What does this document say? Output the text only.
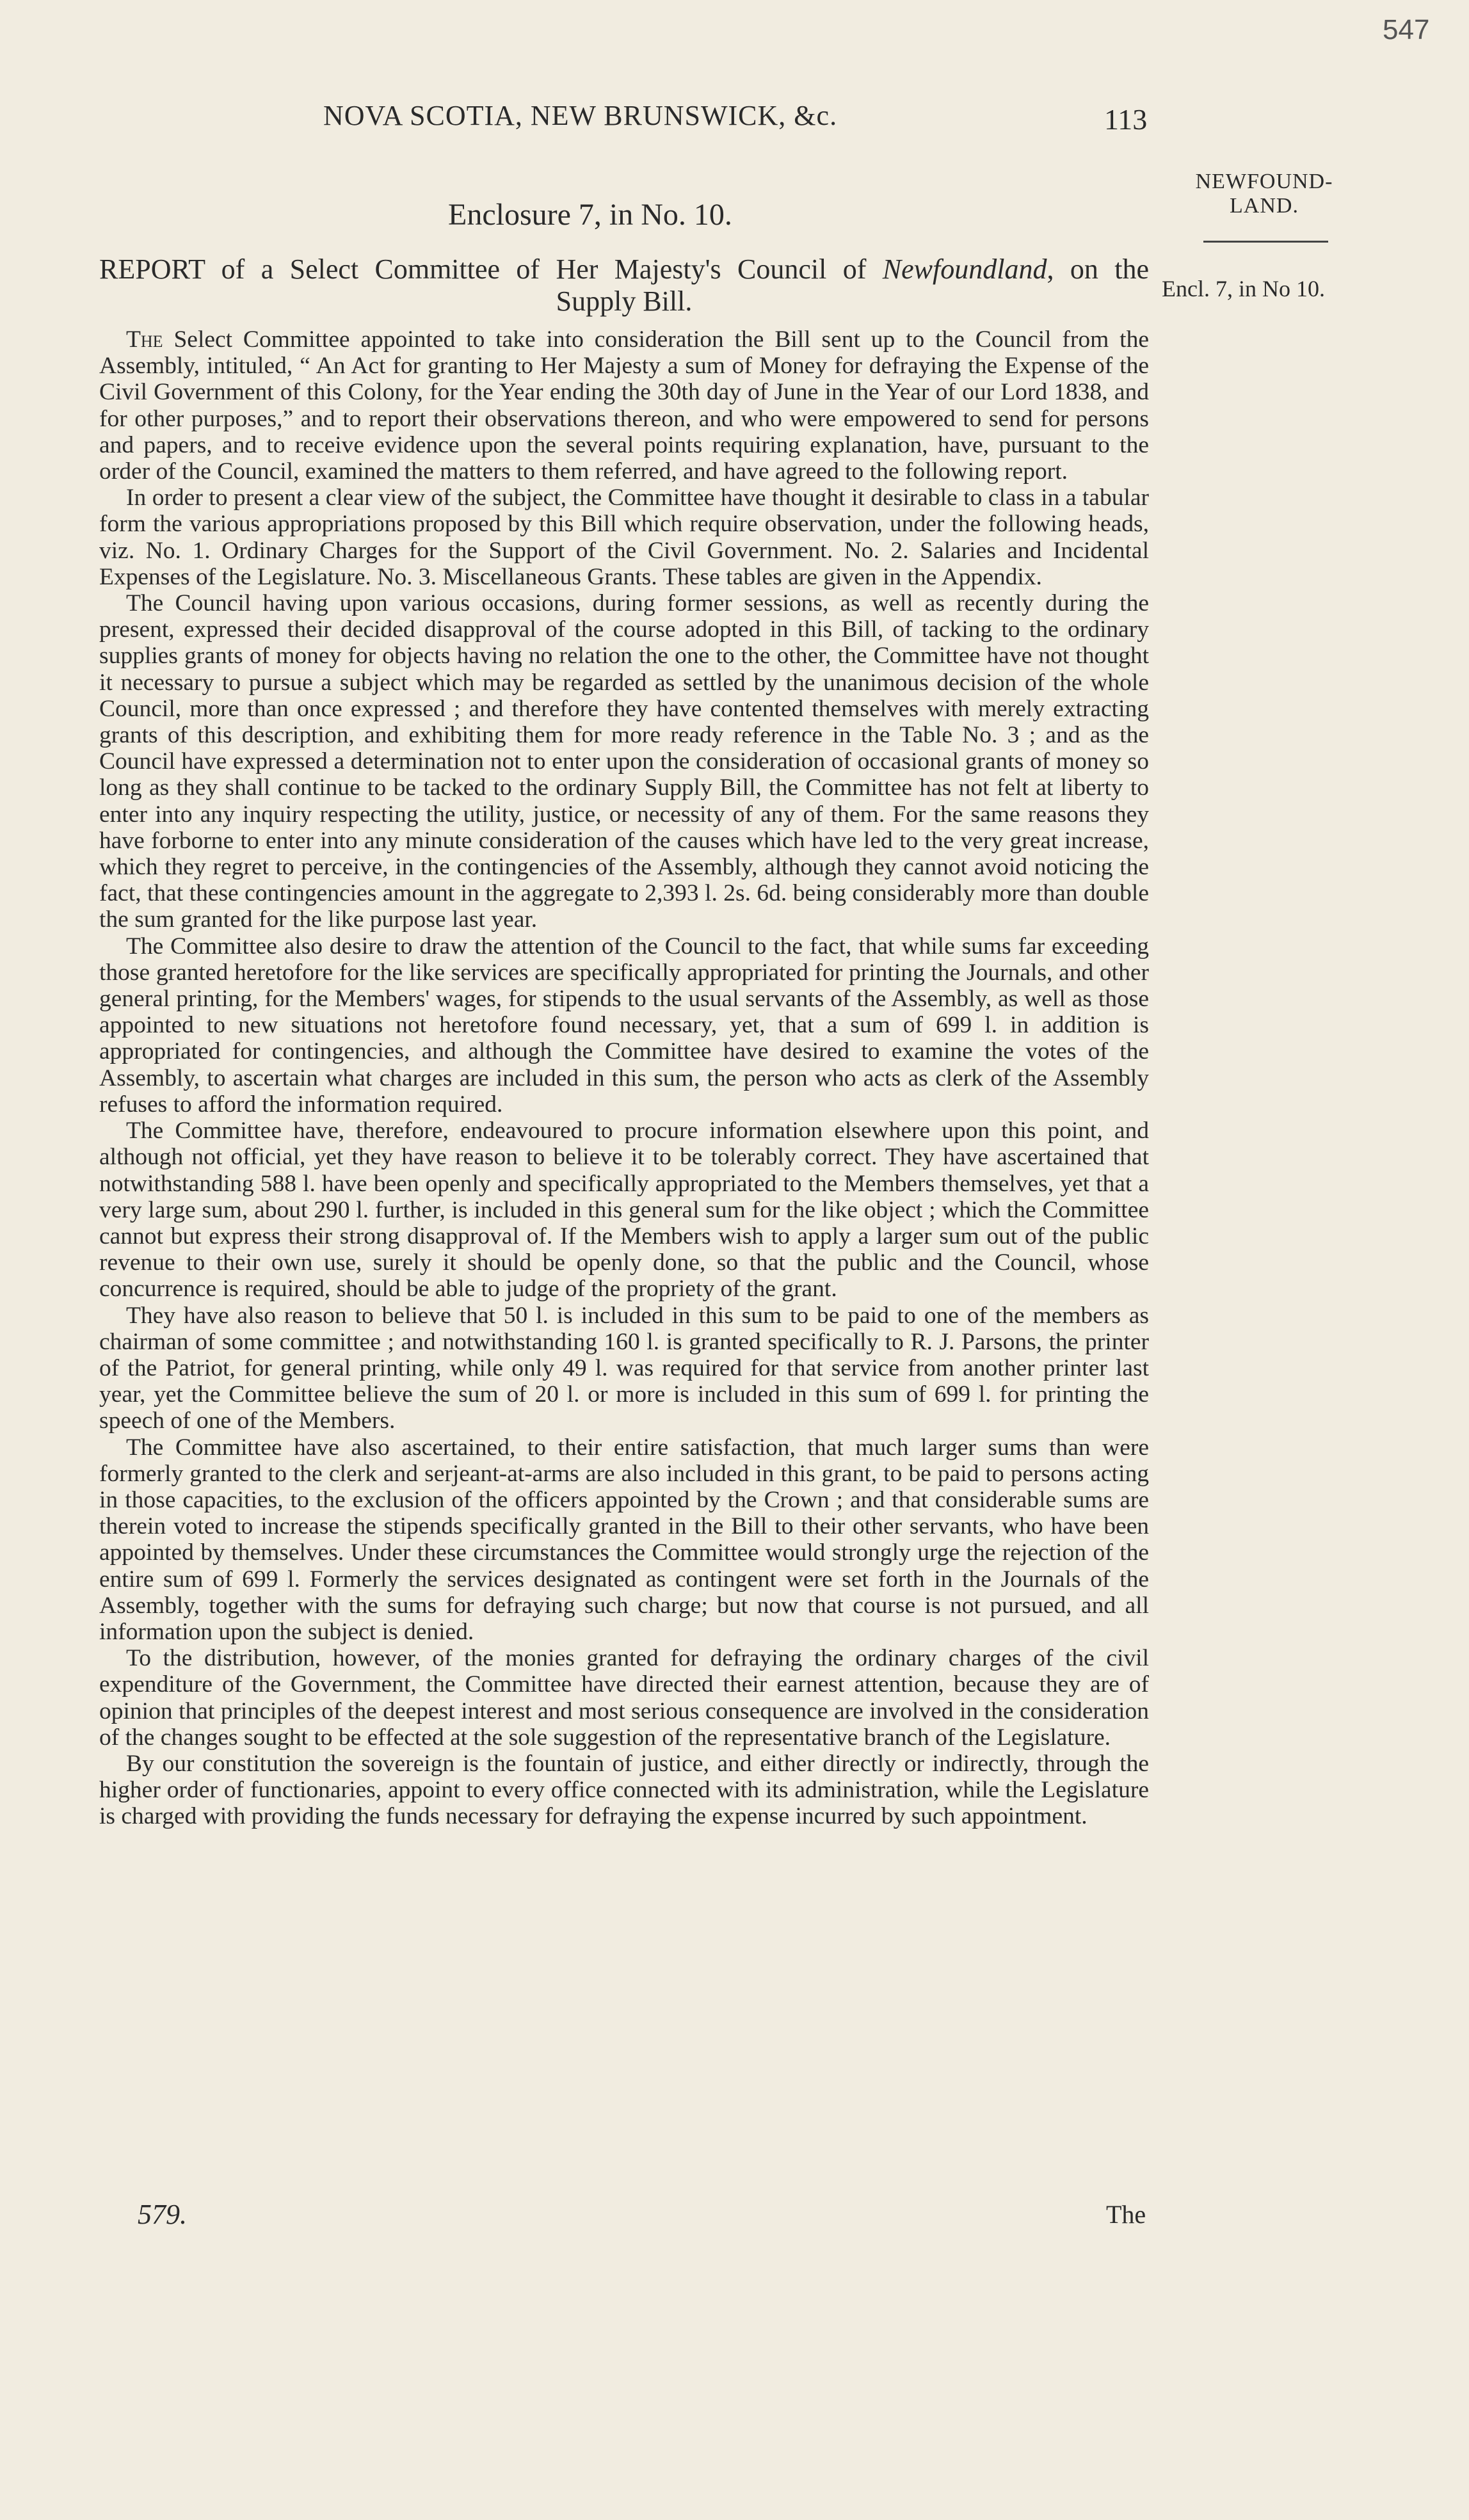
547
NOVA SCOTIA, NEW BRUNSWICK, &c.	113
NEWFOUND-
LAND.
Encl. 7, in No 10.
Enclosure 7, in No. 10.
REPORT of a Select Committee of Her Majesty's Council of Newfoundland, on the
Supply Bill.

The Select Committee appointed to take into consideration the Bill sent up to the Council from the Assembly, intituled, “ An Act for granting to Her Majesty a sum of Money for defraying the Expense of the Civil Government of this Colony, for the Year ending the 30th day of June in the Year of our Lord 1838, and for other purposes,” and to report their observations thereon, and who were empowered to send for persons and papers, and to receive evidence upon the several points requiring explanation, have, pursuant to the order of the Council, examined the matters to them referred, and have agreed to the following report.

In order to present a clear view of the subject, the Committee have thought it desirable to class in a tabular form the various appropriations proposed by this Bill which require observation, under the following heads, viz. No. 1. Ordinary Charges for the Support of the Civil Government. No. 2. Salaries and Incidental Expenses of the Legislature. No. 3. Miscellaneous Grants. These tables are given in the Appendix.

The Council having upon various occasions, during former sessions, as well as recently during the present, expressed their decided disapproval of the course adopted in this Bill, of tacking to the ordinary supplies grants of money for objects having no relation the one to the other, the Committee have not thought it necessary to pursue a subject which may be regarded as settled by the unanimous decision of the whole Council, more than once expressed ; and therefore they have contented themselves with merely extracting grants of this description, and exhibiting them for more ready reference in the Table No. 3 ; and as the Council have expressed a determination not to enter upon the consideration of occasional grants of money so long as they shall continue to be tacked to the ordinary Supply Bill, the Committee has not felt at liberty to enter into any inquiry respecting the utility, justice, or necessity of any of them. For the same reasons they have forborne to enter into any minute consideration of the causes which have led to the very great increase, which they regret to perceive, in the contingencies of the Assembly, although they cannot avoid noticing the fact, that these contingencies amount in the aggregate to 2,393 l. 2s. 6d. being considerably more than double the sum granted for the like purpose last year.

The Committee also desire to draw the attention of the Council to the fact, that while sums far exceeding those granted heretofore for the like services are specifically appropriated for printing the Journals, and other general printing, for the Members' wages, for stipends to the usual servants of the Assembly, as well as those appointed to new situations not heretofore found necessary, yet, that a sum of 699 l. in addition is appropriated for contingencies, and although the Committee have desired to examine the votes of the Assembly, to ascertain what charges are included in this sum, the person who acts as clerk of the Assembly refuses to afford the information required.

The Committee have, therefore, endeavoured to procure information elsewhere upon this point, and although not official, yet they have reason to believe it to be tolerably correct. They have ascertained that notwithstanding 588 l. have been openly and specifically appropriated to the Members themselves, yet that a very large sum, about 290 l. further, is included in this general sum for the like object ; which the Committee cannot but express their strong disapproval of. If the Members wish to apply a larger sum out of the public revenue to their own use, surely it should be openly done, so that the public and the Council, whose concurrence is required, should be able to judge of the propriety of the grant.

They have also reason to believe that 50 l. is included in this sum to be paid to one of the members as chairman of some committee ; and notwithstanding 160 l. is granted specifically to R. J. Parsons, the printer of the Patriot, for general printing, while only 49 l. was required for that service from another printer last year, yet the Committee believe the sum of 20 l. or more is included in this sum of 699 l. for printing the speech of one of the Members.

The Committee have also ascertained, to their entire satisfaction, that much larger sums than were formerly granted to the clerk and serjeant-at-arms are also included in this grant, to be paid to persons acting in those capacities, to the exclusion of the officers appointed by the Crown ; and that considerable sums are therein voted to increase the stipends specifically granted in the Bill to their other servants, who have been appointed by themselves. Under these circumstances the Committee would strongly urge the rejection of the entire sum of 699 l. Formerly the services designated as contingent were set forth in the Journals of the Assembly, together with the sums for defraying such charge; but now that course is not pursued, and all information upon the subject is denied.

To the distribution, however, of the monies granted for defraying the ordinary charges of the civil expenditure of the Government, the Committee have directed their earnest attention, because they are of opinion that principles of the deepest interest and most serious consequence are involved in the consideration of the changes sought to be effected at the sole suggestion of the representative branch of the Legislature.

By our constitution the sovereign is the fountain of justice, and either directly or indirectly, through the higher order of functionaries, appoint to every office connected with its administration, while the Legislature is charged with providing the funds necessary for defraying the expense incurred by such appointment.

579.	The
